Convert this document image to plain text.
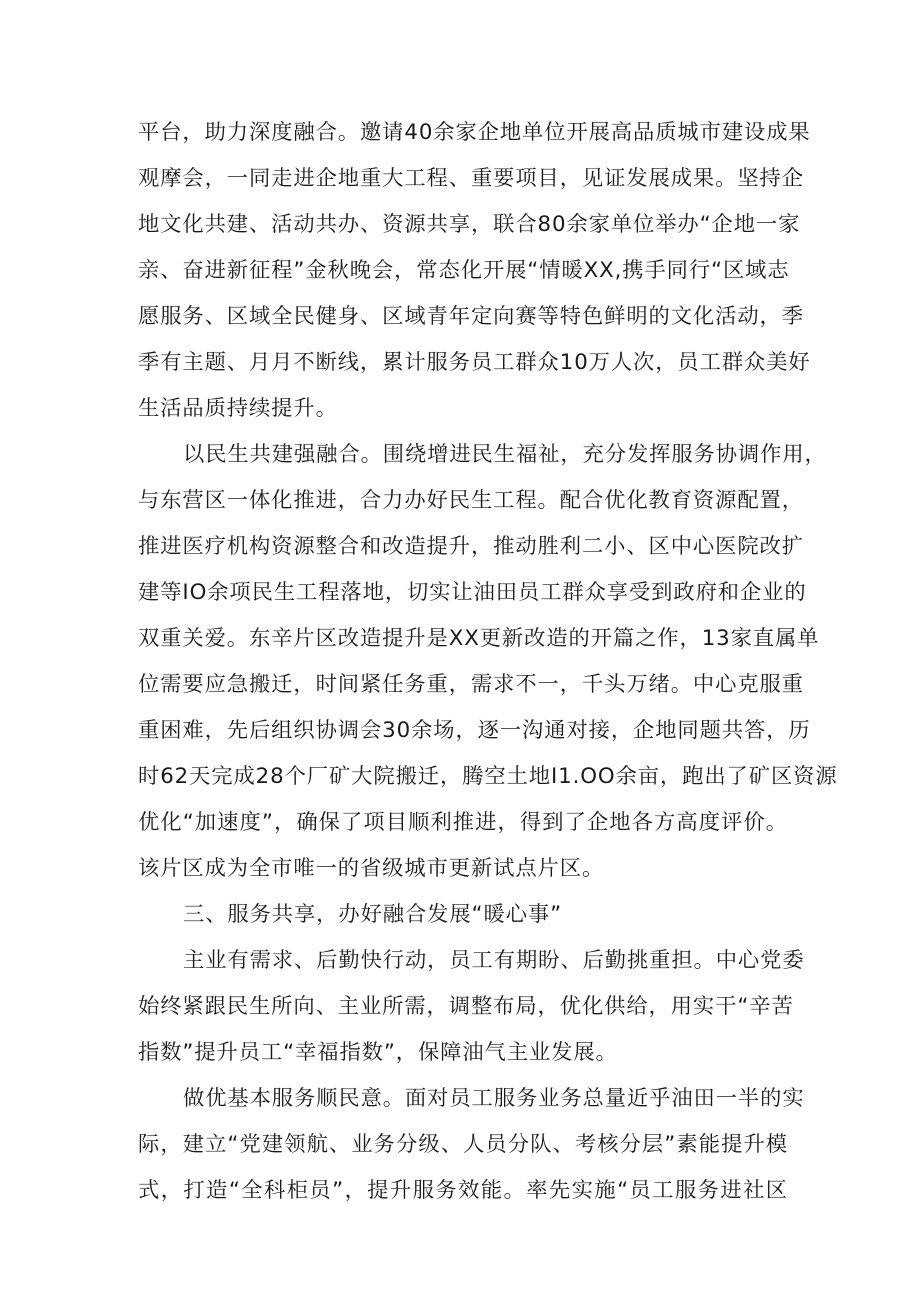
平台，助力深度融合。邀请40余家企地单位开展高品质城市建设成果
观摩会，一同走进企地重大工程、重要项目，见证发展成果。坚持企
地文化共建、活动共办、资源共享，联合80余家单位举办“企地一家
亲、奋进新征程”金秋晚会，常态化开展“情暖XX,携手同行“区域志
愿服务、区域全民健身、区域青年定向赛等特色鲜明的文化活动，季
季有主题、月月不断线，累计服务员工群众10万人次，员工群众美好
生活品质持续提升。
以民生共建强融合。围绕增进民生福祉，充分发挥服务协调作用，
与东营区一体化推进，合力办好民生工程。配合优化教育资源配置，
推进医疗机构资源整合和改造提升，推动胜利二小、区中心医院改扩
建等IO余项民生工程落地，切实让油田员工群众享受到政府和企业的
双重关爱。东辛片区改造提升是XX更新改造的开篇之作，13家直属单
位需要应急搬迁，时间紧任务重，需求不一，千头万绪。中心克服重
重困难，先后组织协调会30余场，逐一沟通对接，企地同题共答，历
时62天完成28个厂矿大院搬迁，腾空土地I1.OO余亩，跑出了矿区资源
优化“加速度”，确保了项目顺利推进，得到了企地各方高度评价。
该片区成为全市唯一的省级城市更新试点片区。
三、服务共享，办好融合发展“暖心事”
主业有需求、后勤快行动，员工有期盼、后勤挑重担。中心党委
始终紧跟民生所向、主业所需，调整布局，优化供给，用实干“辛苦
指数”提升员工“幸福指数”，保障油气主业发展。
做优基本服务顺民意。面对员工服务业务总量近乎油田一半的实
际，建立“党建领航、业务分级、人员分队、考核分层”素能提升模
式，打造“全科柜员”，提升服务效能。率先实施“员工服务进社区
